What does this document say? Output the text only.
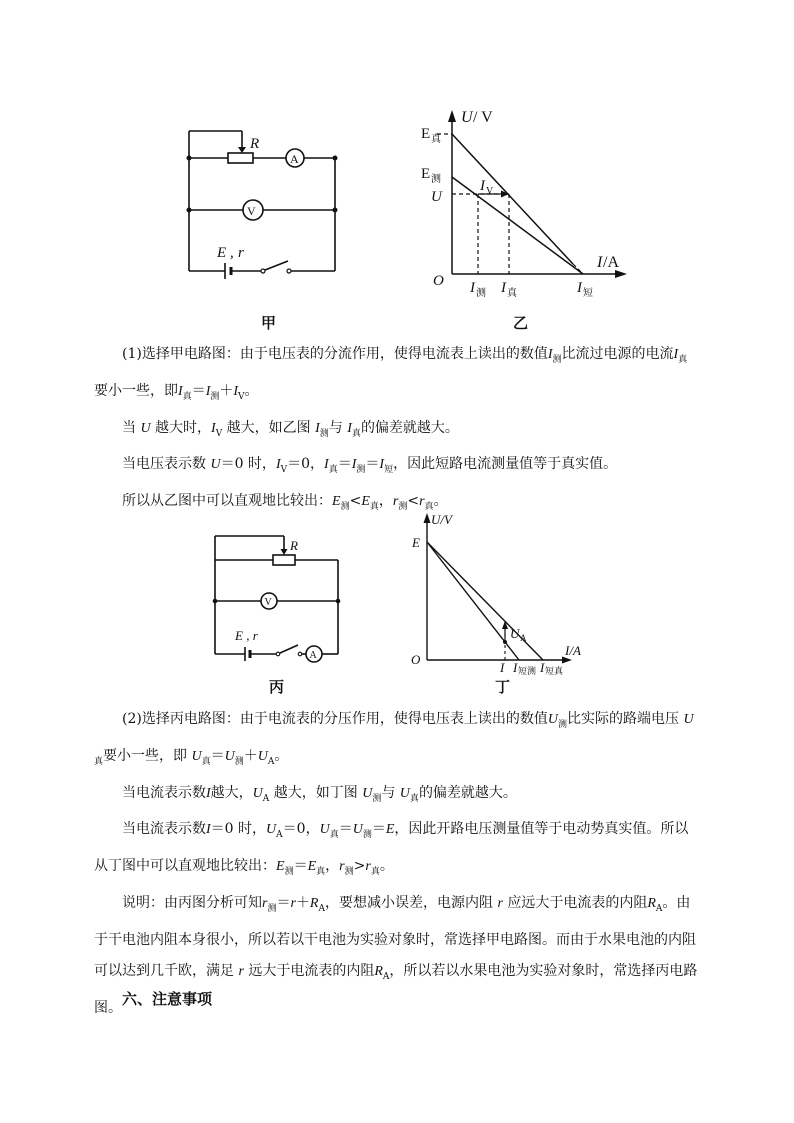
R
A
V
E , r
甲
U / V
E 真
E 测	I V
U
I /A
O I 测 I 真	I 短
乙

(1)选择甲电路图：由于电压表的分流作用，使得电流表上读出的数值$I_测$比流过电源的电流$I_真$要小一些，即$I_真=I_测+I_V$。

当 U 越大时，$I_V$ 越大，如乙图 $I_测$与 $I_真$的偏差就越大。

当电压表示数 U＝0 时，$I_V=0$，$I_真=I_测=I_短$，因此短路电流测量值等于真实值。

所以从乙图中可以直观地比较出：$E_测<E_真$，$r_测<r_真$。

R
V
E , r
A
丙
U/V
E
U A
I/A
O
I I 短测 I 短真
丁

(2)选择丙电路图：由于电流表的分压作用，使得电压表上读出的数值$U_测$比实际的路端电压 $U_真$要小一些，即 $U_真=U_测+U_A$。

当电流表示数I越大，$U_A$ 越大，如丁图 $U_测$与 $U_真$的偏差就越大。

当电流表示数I＝0 时，$U_A=0$，$U_真=U_测=E$，因此开路电压测量值等于电动势真实值。所以从丁图中可以直观地比较出：$E_测=E_真$，$r_测>r_真$。

说明：由丙图分析可知$r_测=r+R_A$，要想减小误差，电源内阻 r 应远大于电流表的内阻$R_A$。由于干电池内阻本身很小，所以若以干电池为实验对象时，常选择甲电路图。而由于水果电池的内阻可以达到几千欧，满足 r 远大于电流表的内阻$R_A$，所以若以水果电池为实验对象时，常选择丙电路图。 六、注意事项
